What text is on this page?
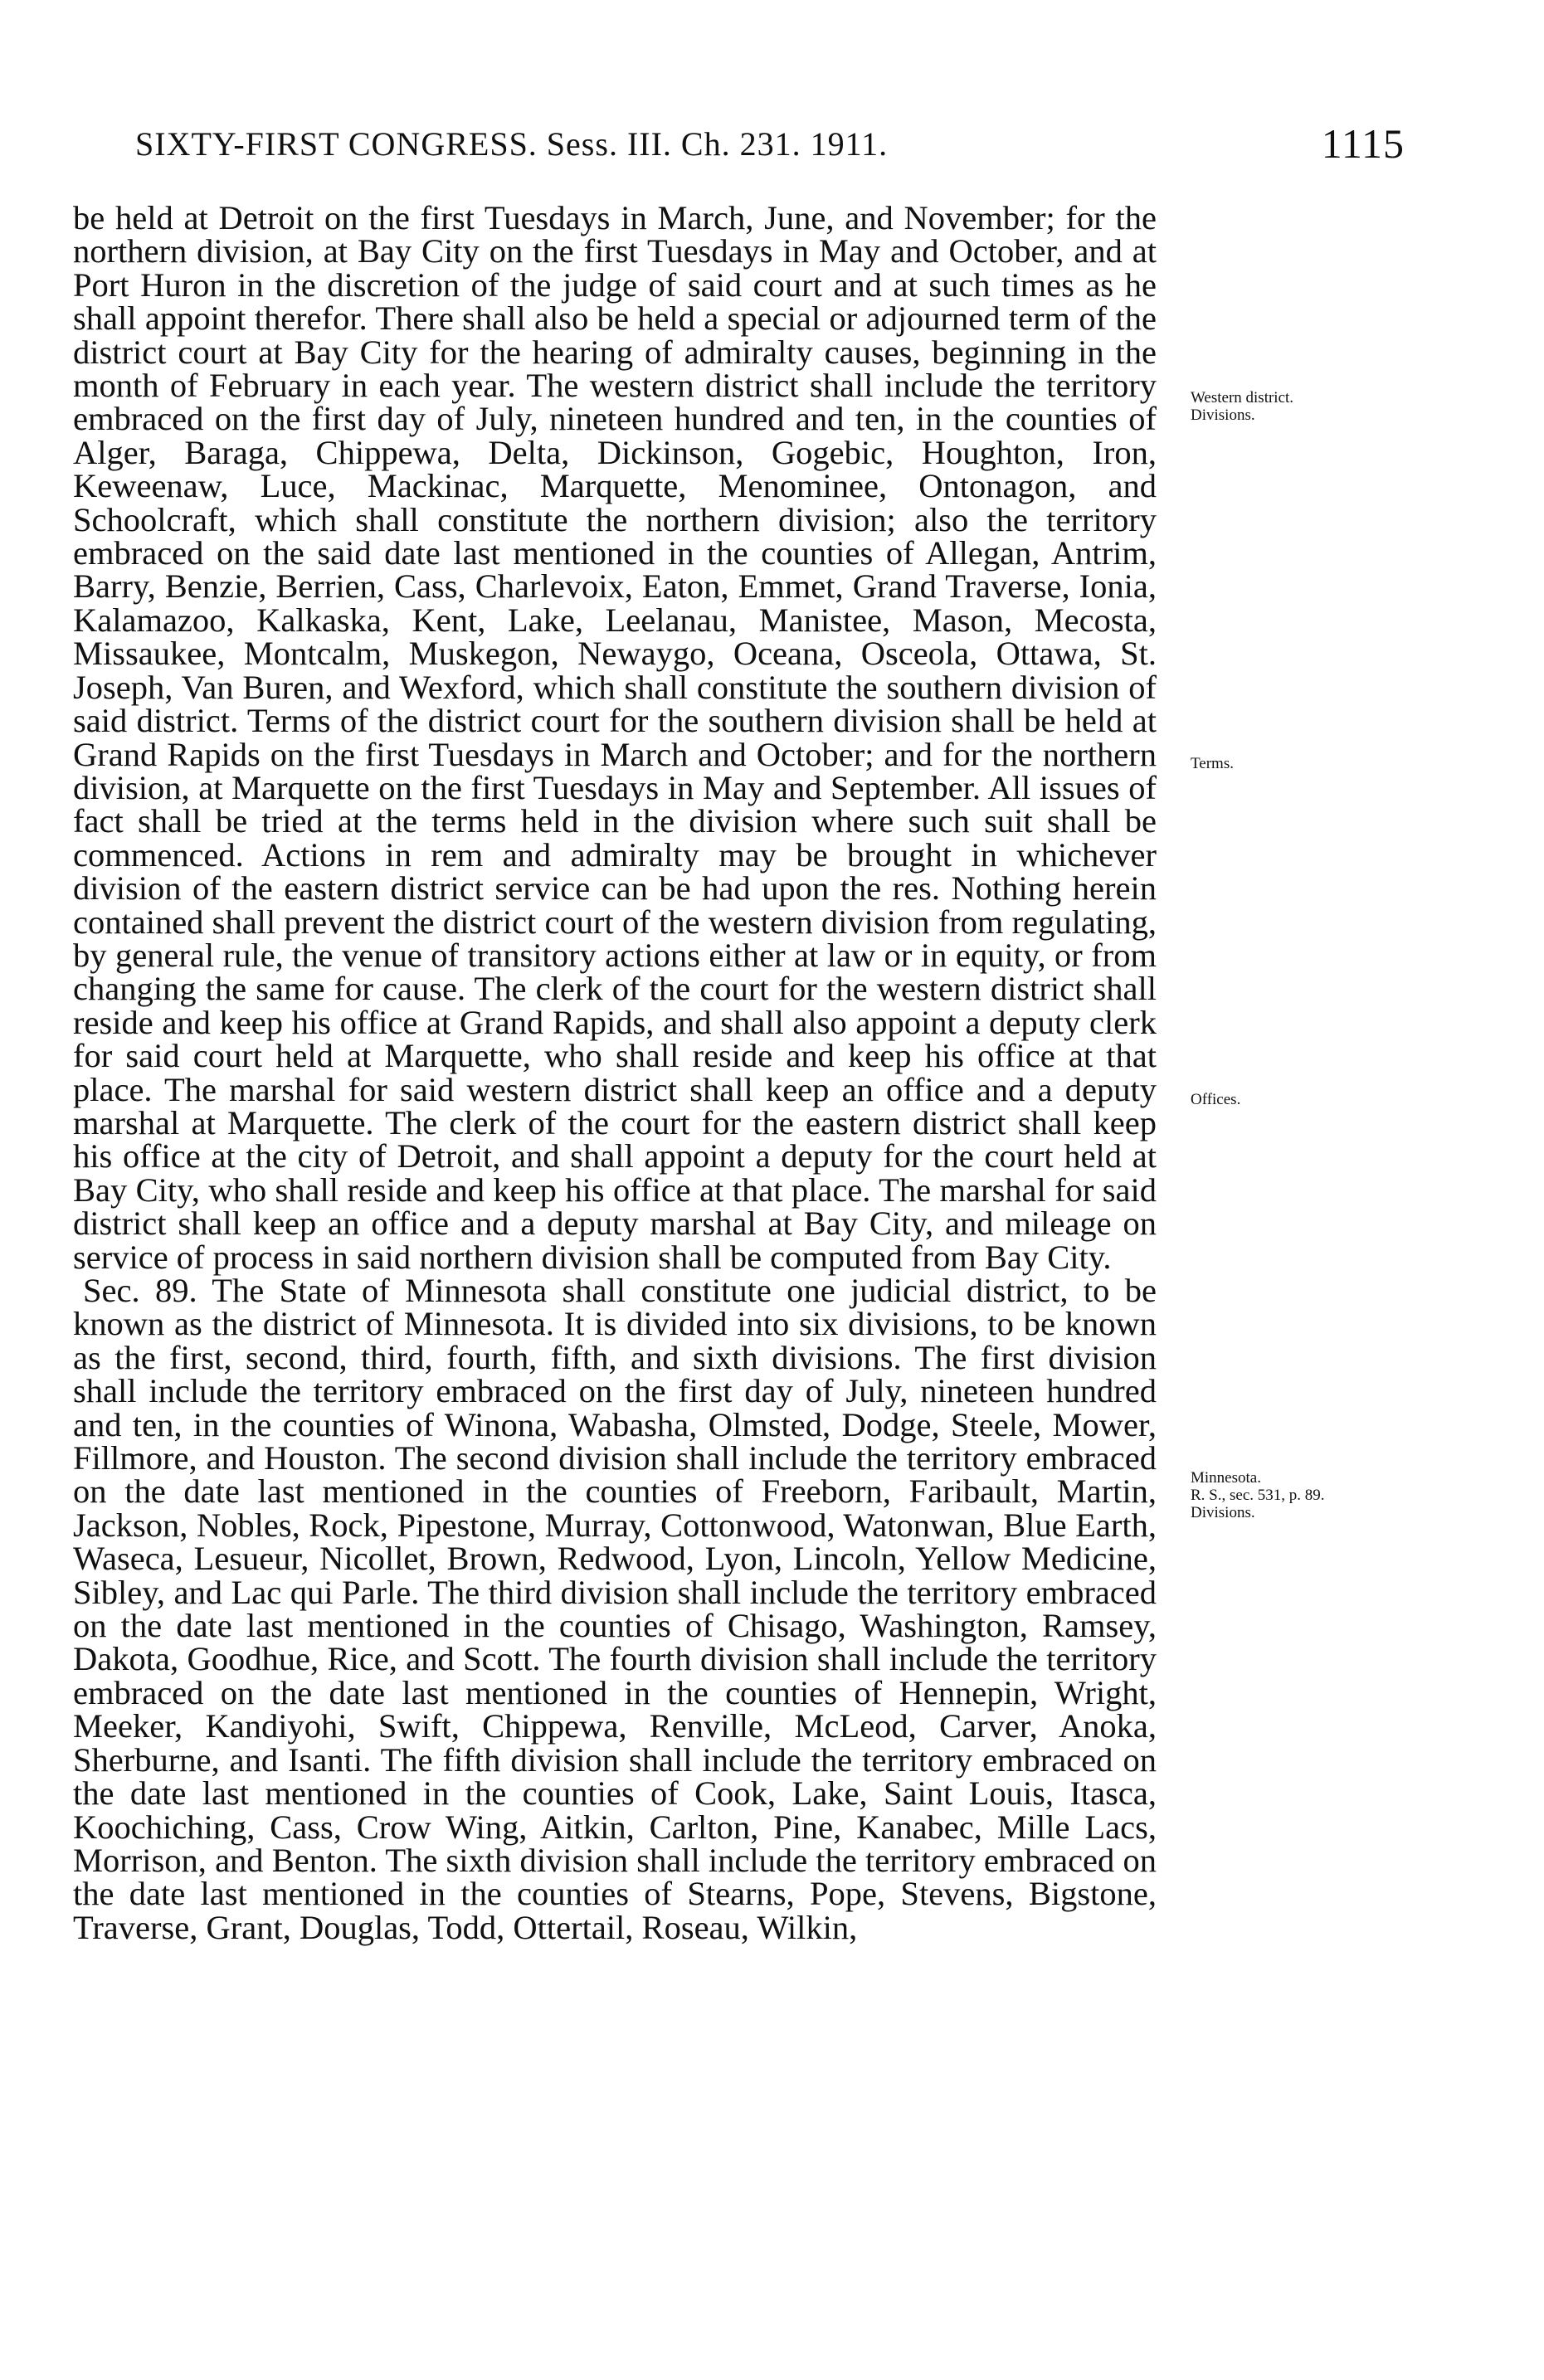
SIXTY-FIRST CONGRESS. Sess. III. Ch. 231. 1911.	1115

be held at Detroit on the first Tuesdays in March, June, and November; for the northern division, at Bay City on the first Tuesdays in May and October, and at Port Huron in the discretion of the judge of said court and at such times as he shall appoint therefor. There shall also be held a special or adjourned term of the district court at Bay City for the hearing of admiralty causes, beginning in the month of February in each year. The western district shall include the territory embraced on the first day of July, nineteen hundred and ten, in the counties of Alger, Baraga, Chippewa, Delta, Dickinson, Gogebic, Houghton, Iron, Keweenaw, Luce, Mackinac, Marquette, Menominee, Ontonagon, and Schoolcraft, which shall constitute the northern division; also the territory embraced on the said date last mentioned in the counties of Allegan, Antrim, Barry, Benzie, Berrien, Cass, Charlevoix, Eaton, Emmet, Grand Traverse, Ionia, Kalamazoo, Kalkaska, Kent, Lake, Leelanau, Manistee, Mason, Mecosta, Missaukee, Montcalm, Muskegon, Newaygo, Oceana, Osceola, Ottawa, St. Joseph, Van Buren, and Wexford, which shall constitute the southern division of said district. Terms of the district court for the southern division shall be held at Grand Rapids on the first Tuesdays in March and October; and for the northern division, at Marquette on the first Tuesdays in May and September. All issues of fact shall be tried at the terms held in the division where such suit shall be commenced. Actions in rem and admiralty may be brought in whichever division of the eastern district service can be had upon the res. Nothing herein contained shall prevent the district court of the western division from regulating, by general rule, the venue of transitory actions either at law or in equity, or from changing the same for cause. The clerk of the court for the western district shall reside and keep his office at Grand Rapids, and shall also appoint a deputy clerk for said court held at Marquette, who shall reside and keep his office at that place. The marshal for said western district shall keep an office and a deputy marshal at Marquette. The clerk of the court for the eastern district shall keep his office at the city of Detroit, and shall appoint a deputy for the court held at Bay City, who shall reside and keep his office at that place. The marshal for said district shall keep an office and a deputy marshal at Bay City, and mileage on service of process in said northern division shall be computed from Bay City.

Sec. 89. The State of Minnesota shall constitute one judicial district, to be known as the district of Minnesota. It is divided into six divisions, to be known as the first, second, third, fourth, fifth, and sixth divisions. The first division shall include the territory embraced on the first day of July, nineteen hundred and ten, in the counties of Winona, Wabasha, Olmsted, Dodge, Steele, Mower, Fillmore, and Houston. The second division shall include the territory embraced on the date last mentioned in the counties of Freeborn, Faribault, Martin, Jackson, Nobles, Rock, Pipestone, Murray, Cottonwood, Watonwan, Blue Earth, Waseca, Lesueur, Nicollet, Brown, Redwood, Lyon, Lincoln, Yellow Medicine, Sibley, and Lac qui Parle. The third division shall include the territory embraced on the date last mentioned in the counties of Chisago, Washington, Ramsey, Dakota, Goodhue, Rice, and Scott. The fourth division shall include the territory embraced on the date last mentioned in the counties of Hennepin, Wright, Meeker, Kandiyohi, Swift, Chippewa, Renville, McLeod, Carver, Anoka, Sherburne, and Isanti. The fifth division shall include the territory embraced on the date last mentioned in the counties of Cook, Lake, Saint Louis, Itasca, Koochiching, Cass, Crow Wing, Aitkin, Carlton, Pine, Kanabec, Mille Lacs, Morrison, and Benton. The sixth division shall include the territory embraced on the date last mentioned in the counties of Stearns, Pope, Stevens, Bigstone, Traverse, Grant, Douglas, Todd, Ottertail, Roseau, Wilkin,

Western district.
Divisions.
Terms.
Offices.
Minnesota.
R. S., sec. 531, p. 89.
Divisions.
